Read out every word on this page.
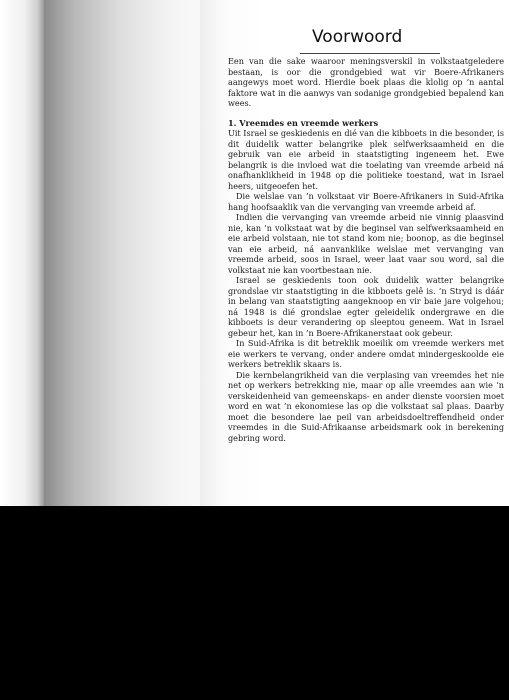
Voorwoord

Een van die sake waaroor meningsverskil in volkstaatgeledere bestaan, is oor die grondgebied wat vir Boere-Afrikaners aangewys moet word. Hierdie boek plaas die klolig op ’n aantal faktore wat in die aanwys van sodanige grondgebied bepalend kan wees.

1. Vreemdes en vreemde werkers

Uit Israel se geskiedenis en dié van die kibboets in die besonder, is dit duidelik watter belangrike plek selfwerksaamheid en die gebruik van eie arbeid in staatstigting ingeneem het. Ewe belangrik is die invloed wat die toelating van vreemde arbeid ná onafhanklikheid in 1948 op die politieke toestand, wat in Israel heers, uitgeoefen het.

Die welslae van ’n volkstaat vir Boere-Afrikaners in Suid-Afrika hang hoofsaaklik van die vervanging van vreemde arbeid af.

Indien die vervanging van vreemde arbeid nie vinnig plaasvind nie, kan ’n volkstaat wat by die beginsel van selfwerksaamheid en eie arbeid volstaan, nie tot stand kom nie; boonop, as die beginsel van eie arbeid, ná aanvanklike welslae met vervanging van vreemde arbeid, soos in Israel, weer laat vaar sou word, sal die volkstaat nie kan voortbestaan nie.

Israel se geskiedenis toon ook duidelik watter belangrike grondslae vir staatstigting in die kibboets gelê is. ’n Stryd is dáár in belang van staatstigting aangeknoop en vir baie jare volgehou; ná 1948 is dié grondslae egter geleidelik ondergrawe en die kibboets is deur verandering op sleeptou geneem. Wat in Israel gebeur het, kan in ’n Boere-Afrikanerstaat ook gebeur.

In Suid-Afrika is dit betreklik moeilik om vreemde werkers met eie werkers te vervang, onder andere omdat mindergeskoolde eie werkers betreklik skaars is.

Die kernbelangrikheid van die verplasing van vreemdes het nie net op werkers betrekking nie, maar op alle vreemdes aan wie ’n verskeidenheid van gemeenskaps- en ander dienste voorsien moet word en wat ’n ekonomiese las op die volkstaat sal plaas. Daarby moet die besondere lae peil van arbeidsdoeltreffendheid onder vreemdes in die Suid-Afrikaanse arbeidsmark ook in berekening gebring word.
